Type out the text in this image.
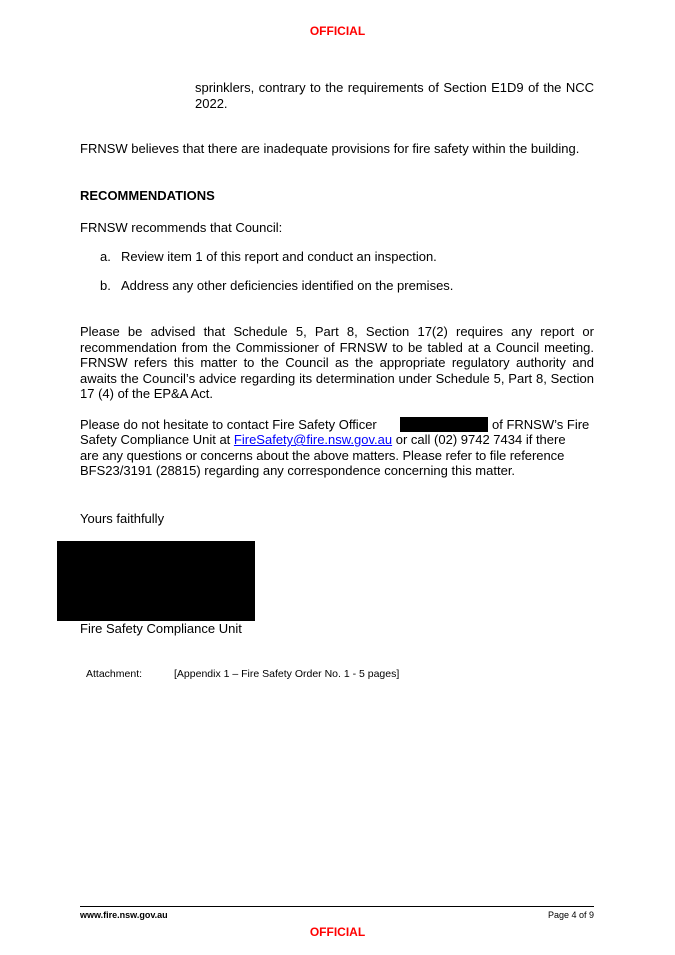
OFFICIAL
sprinklers, contrary to the requirements of Section E1D9 of the NCC 2022.
FRNSW believes that there are inadequate provisions for fire safety within the building.
RECOMMENDATIONS
FRNSW recommends that Council:
a. Review item 1 of this report and conduct an inspection.
b. Address any other deficiencies identified on the premises.
Please be advised that Schedule 5, Part 8, Section 17(2) requires any report or recommendation from the Commissioner of FRNSW to be tabled at a Council meeting. FRNSW refers this matter to the Council as the appropriate regulatory authority and awaits the Council’s advice regarding its determination under Schedule 5, Part 8, Section 17 (4) of the EP&A Act.
Please do not hesitate to contact Fire Safety Officer	of FRNSW’s Fire
Safety Compliance Unit at FireSafety@fire.nsw.gov.au or call (02) 9742 7434 if there
are any questions or concerns about the above matters. Please refer to file reference
BFS23/3191 (28815) regarding any correspondence concerning this matter.
Yours faithfully
Fire Safety Compliance Unit
Attachment:	[Appendix 1 – Fire Safety Order No. 1 - 5 pages]
www.fire.nsw.gov.au	Page 4 of 9
OFFICIAL
